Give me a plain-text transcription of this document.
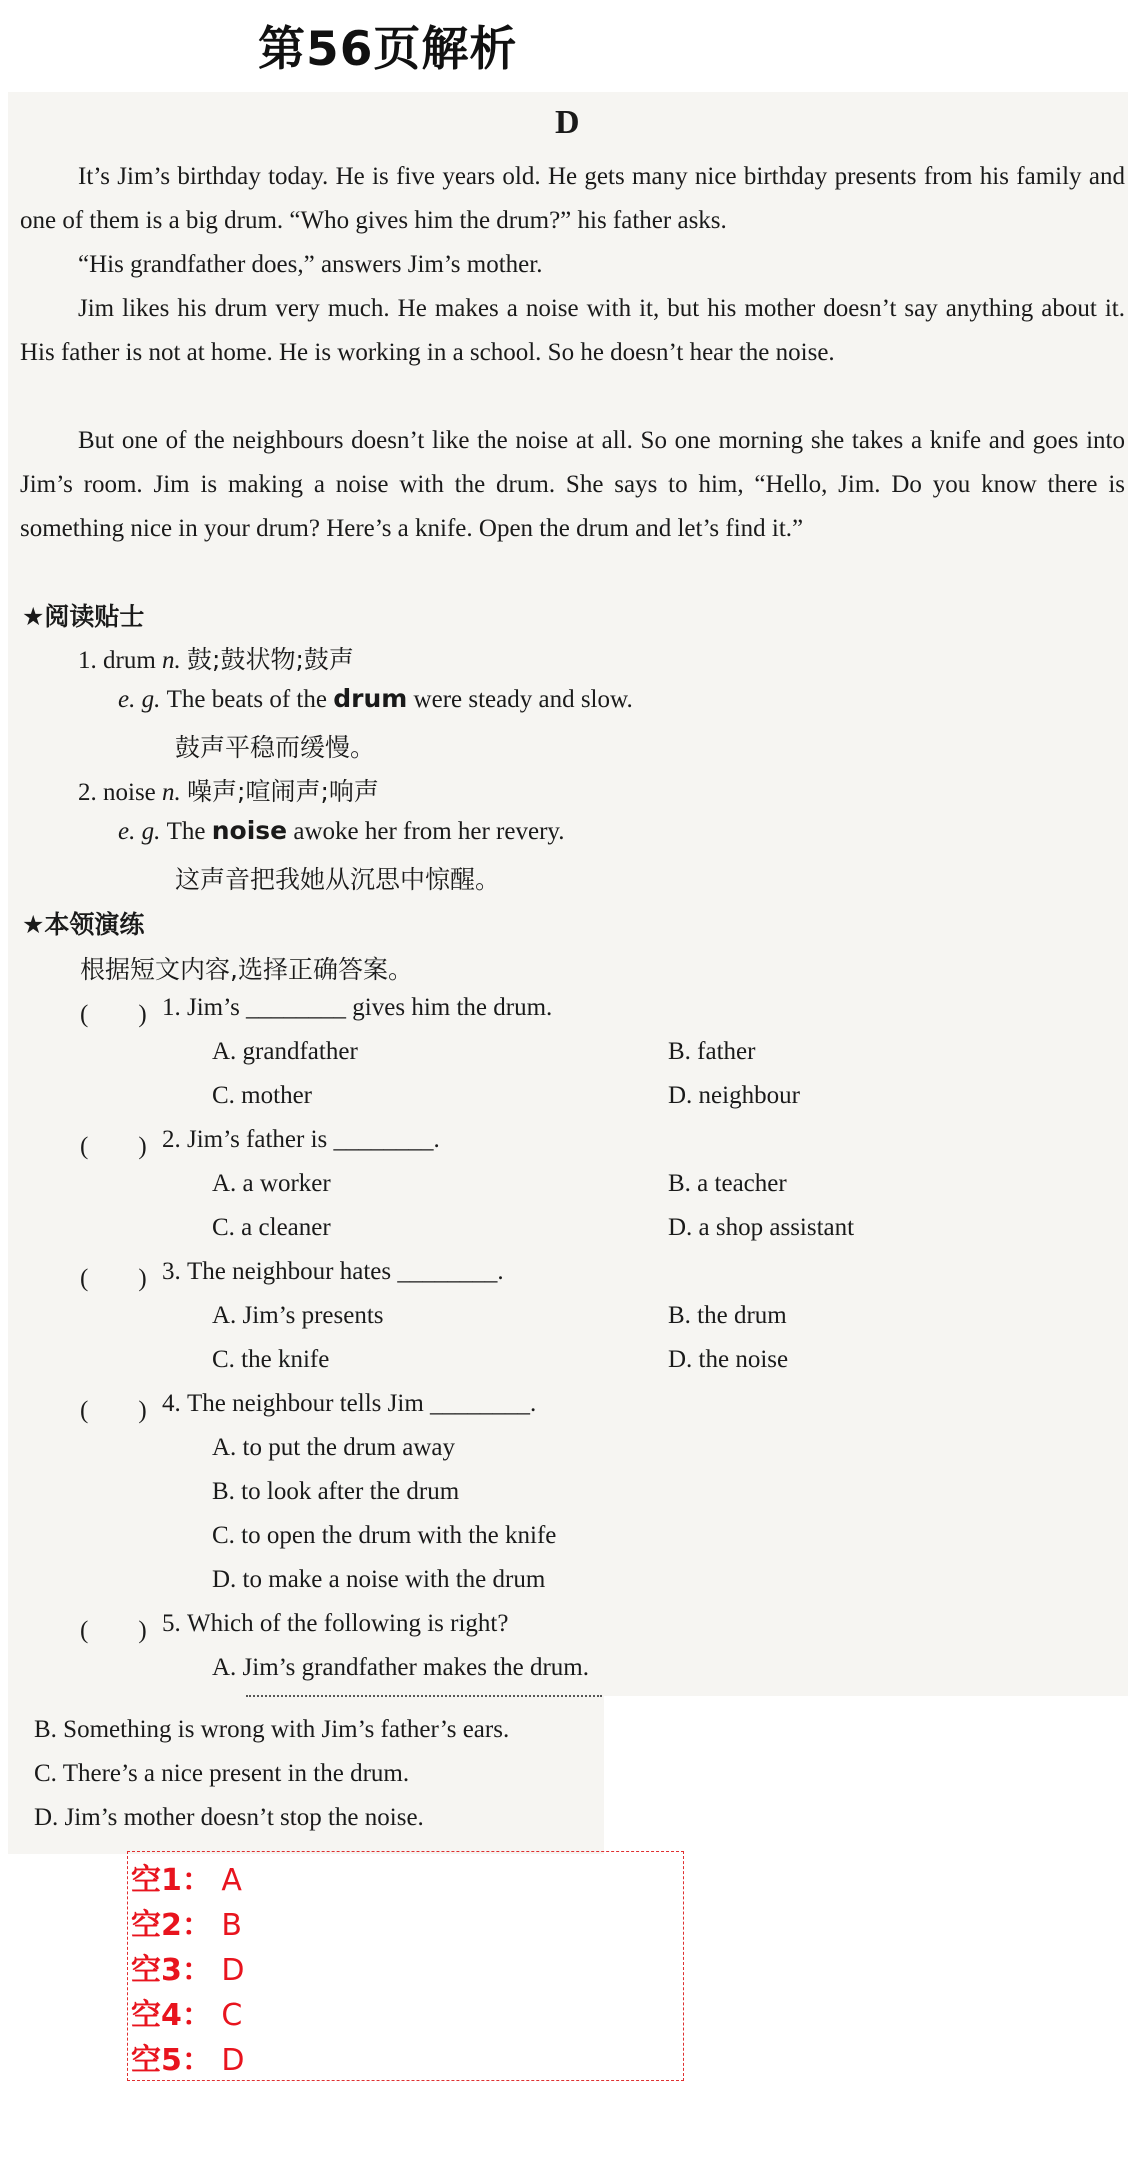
第56页解析
D
It’s Jim’s birthday today. He is five years old. He gets many nice birthday presents from his family and one of them is a big drum. “Who gives him the drum?” his father asks.
“His grandfather does,” answers Jim’s mother.
Jim likes his drum very much. He makes a noise with it, but his mother doesn’t say anything about it. His father is not at home. He is working in a school. So he doesn’t hear the noise.
But one of the neighbours doesn’t like the noise at all. So one morning she takes a knife and goes into Jim’s room. Jim is making a noise with the drum. She says to him, “Hello, Jim. Do you know there is something nice in your drum? Here’s a knife. Open the drum and let’s find it.”
★阅读贴士
1. drum n. 鼓;鼓状物;鼓声
e. g. The beats of the drum were steady and slow.
鼓声平稳而缓慢。
2. noise n. 噪声;喧闹声;响声
e. g. The noise awoke her from her revery.
这声音把我她从沉思中惊醒。
★本领演练
根据短文内容,选择正确答案。
(　　) 1. Jim’s ________ gives him the drum.
A. grandfather	B. father
C. mother	D. neighbour
(　　) 2. Jim’s father is ________.
A. a worker	B. a teacher
C. a cleaner	D. a shop assistant
(　　) 3. The neighbour hates ________.
A. Jim’s presents	B. the drum
C. the knife	D. the noise
(　　) 4. The neighbour tells Jim ________.
A. to put the drum away
B. to look after the drum
C. to open the drum with the knife
D. to make a noise with the drum
(　　) 5. Which of the following is right?
A. Jim’s grandfather makes the drum.
B. Something is wrong with Jim’s father’s ears.
C. There’s a nice present in the drum.
D. Jim’s mother doesn’t stop the noise.
空1： A
空2： B
空3： D
空4： C
空5： D
